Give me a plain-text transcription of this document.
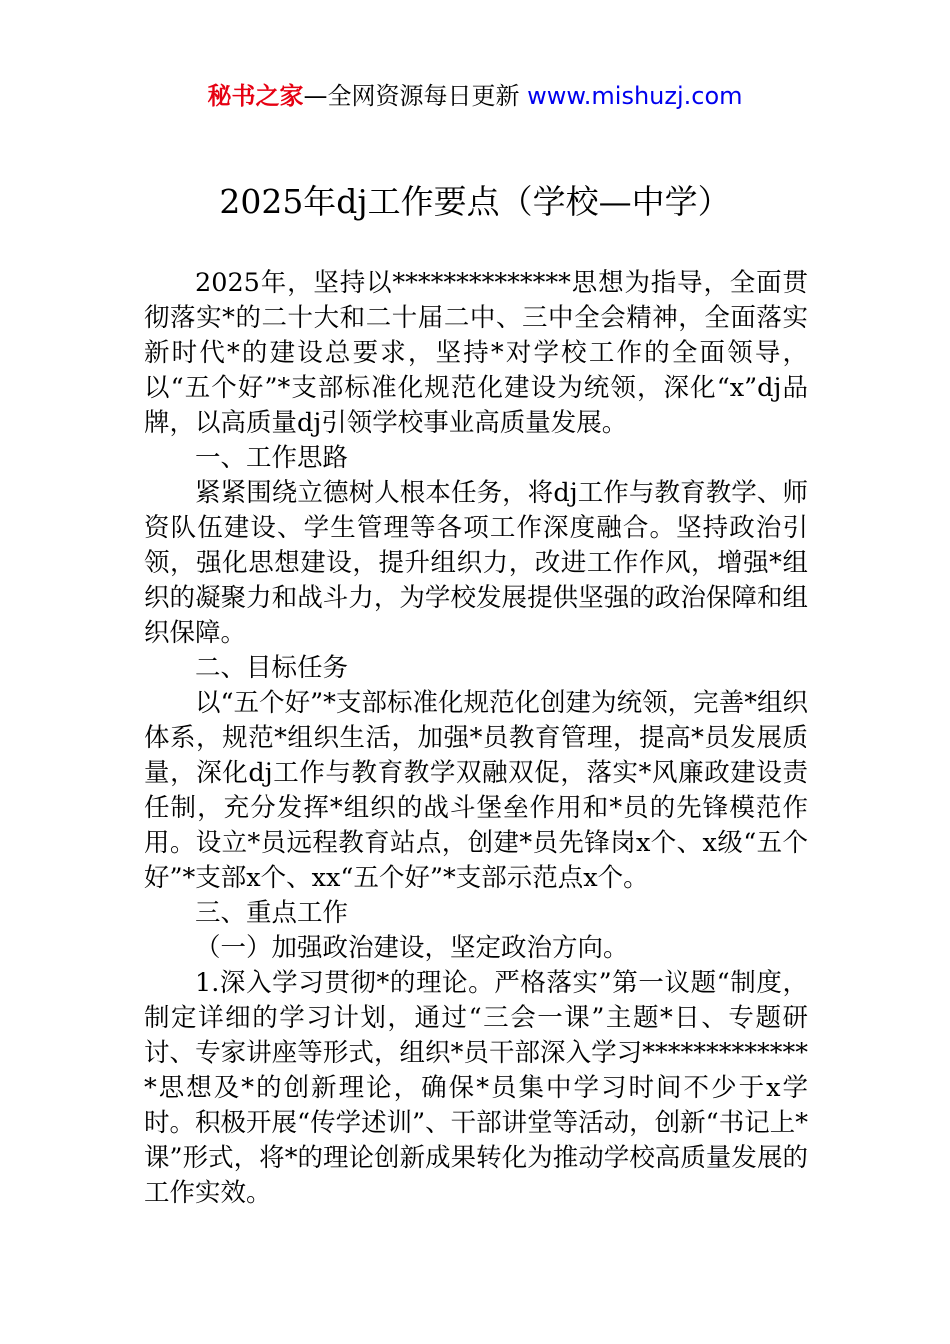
秘书之家—全网资源每日更新 www.mishuzj.com
2025年dj工作要点（学校—中学）

2025年，坚持以**************思想为指导，全面贯彻落实*的二十大和二十届二中、三中全会精神，全面落实新时代*的建设总要求，坚持*对学校工作的全面领导，以“五个好”*支部标准化规范化建设为统领，深化“x”dj品牌，以高质量dj引领学校事业高质量发展。

一、工作思路

紧紧围绕立德树人根本任务，将dj工作与教育教学、师资队伍建设、学生管理等各项工作深度融合。坚持政治引领，强化思想建设，提升组织力，改进工作作风，增强*组织的凝聚力和战斗力，为学校发展提供坚强的政治保障和组织保障。

二、目标任务

以“五个好”*支部标准化规范化创建为统领，完善*组织体系，规范*组织生活，加强*员教育管理，提高*员发展质量，深化dj工作与教育教学双融双促，落实*风廉政建设责任制，充分发挥*组织的战斗堡垒作用和*员的先锋模范作用。设立*员远程教育站点，创建*员先锋岗x个、x级“五个好”*支部x个、xx“五个好”*支部示范点x个。

三、重点工作

（一）加强政治建设，坚定政治方向。

1.深入学习贯彻*的理论。严格落实”第一议题“制度，制定详细的学习计划，通过“三会一课”主题*日、专题研讨、专家讲座等形式，组织*员干部深入学习**************思想及*的创新理论，确保*员集中学习时间不少于x学时。积极开展“传学述训”、干部讲堂等活动，创新“书记上*课”形式，将*的理论创新成果转化为推动学校高质量发展的工作实效。
